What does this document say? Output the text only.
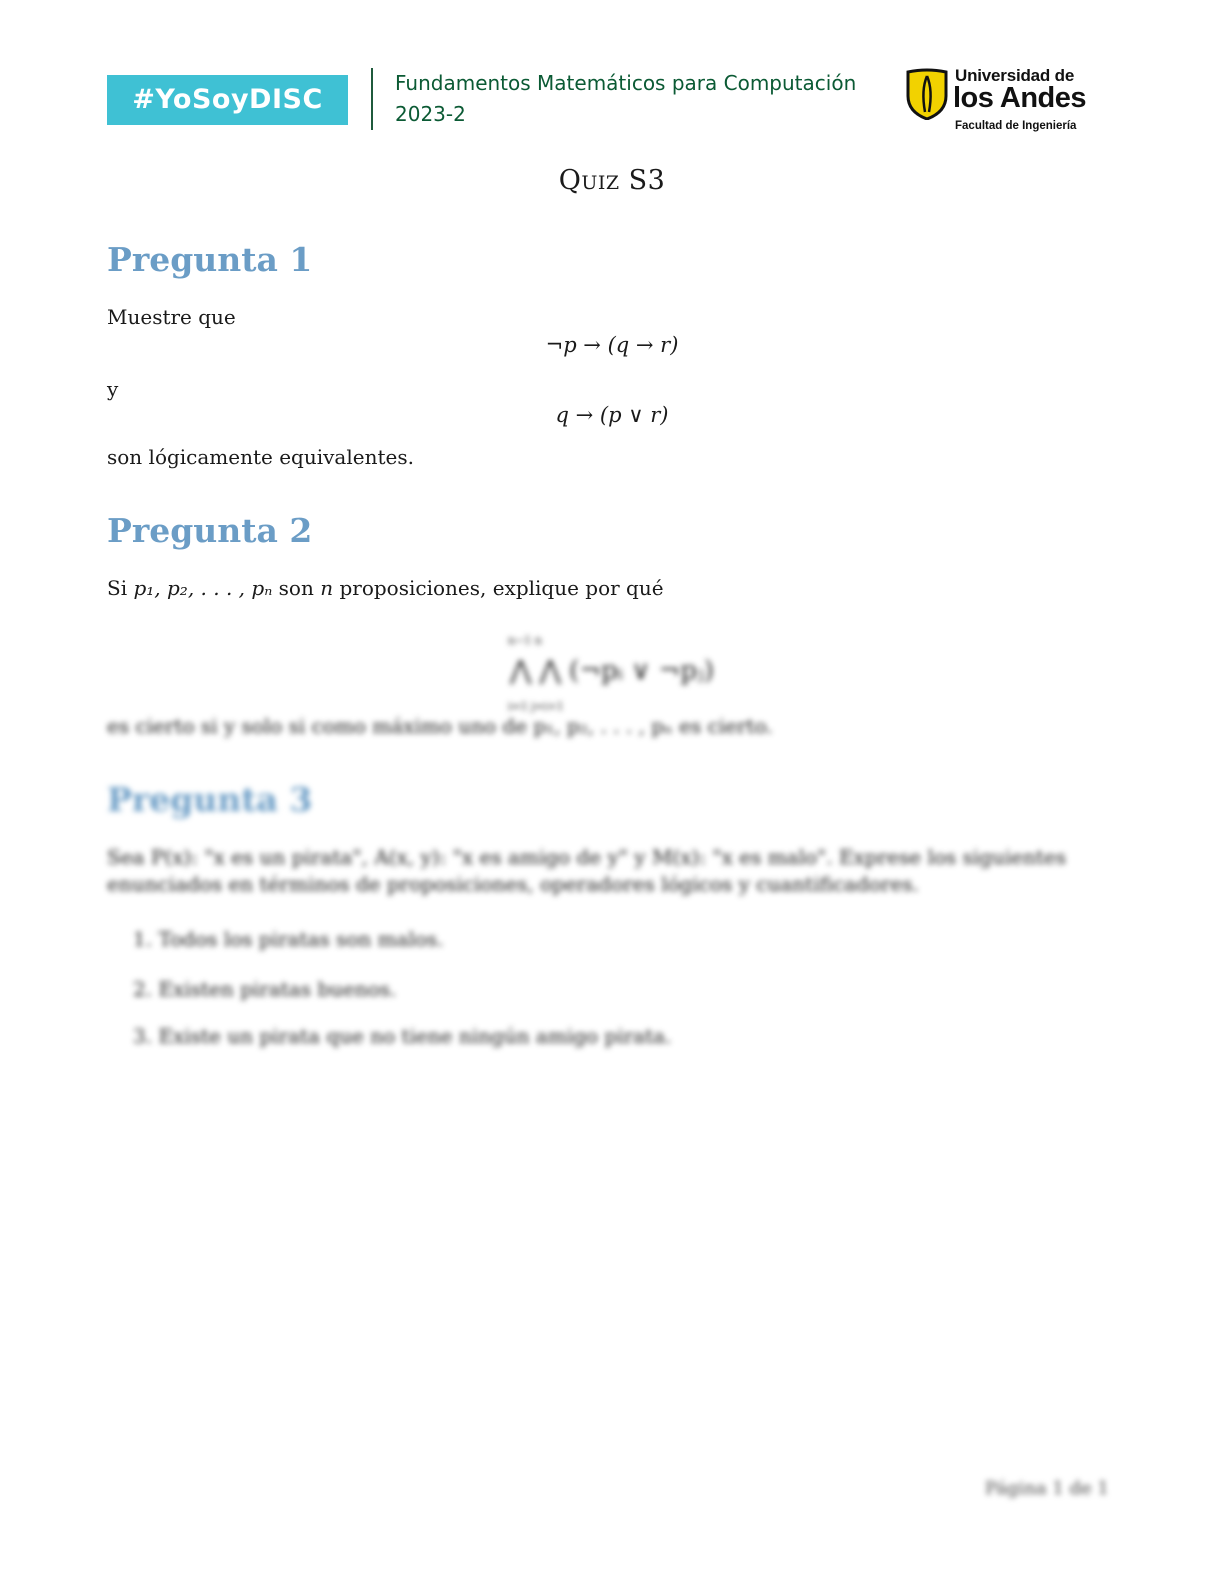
#YoSoyDISC
Fundamentos Matemáticos para Computación
2023-2
Universidad de
los Andes
Facultad de Ingeniería
Quiz S3
Pregunta 1
Muestre que
¬p → (q → r)
y
q → (p ∨ r)
son lógicamente equivalentes.
Pregunta 2
Si p₁, p₂, . . . , pₙ son n proposiciones, explique por qué
n−1 n
⋀ ⋀ (¬pᵢ ∨ ¬pⱼ)
i=1 j=i+1
es cierto si y solo si como máximo uno de p₁, p₂, . . . , pₙ es cierto.
Pregunta 3
Sea P(x): "x es un pirata", A(x, y): "x es amigo de y" y M(x): "x es malo". Exprese los siguientes
enunciados en términos de proposiciones, operadores lógicos y cuantificadores.
1. Todos los piratas son malos.
2. Existen piratas buenos.
3. Existe un pirata que no tiene ningún amigo pirata.
Página 1 de 1
